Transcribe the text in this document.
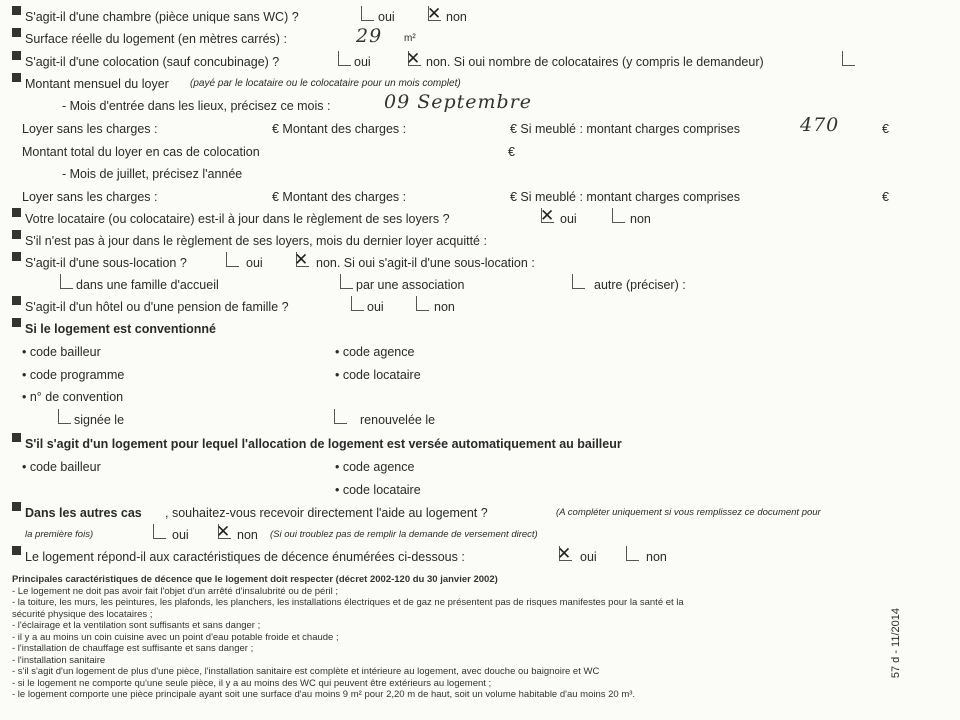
S'agit-il d'une chambre (pièce unique sans WC) ?	oui ✕ non
Surface réelle du logement (en mètres carrés) :	29 m²
S'agit-il d'une colocation (sauf concubinage) ?	oui ✕ non. Si oui nombre de colocataires (y compris le demandeur)
Montant mensuel du loyer (payé par le locataire ou le colocataire pour un mois complet)
- Mois d'entrée dans les lieux, précisez ce mois :	09 Septembre
Loyer sans les charges :	€ Montant des charges :	€ Si meublé : montant charges comprises	470	€
Montant total du loyer en cas de colocation	€
- Mois de juillet, précisez l'année
Loyer sans les charges :	€ Montant des charges :	€ Si meublé : montant charges comprises	€
Votre locataire (ou colocataire) est-il à jour dans le règlement de ses loyers ?	✕ oui	non
S'il n'est pas à jour dans le règlement de ses loyers, mois du dernier loyer acquitté :
S'agit-il d'une sous-location ?	oui ✕ non. Si oui s'agit-il d'une sous-location :
dans une famille d'accueil	par une association	autre (préciser) :
S'agit-il d'un hôtel ou d'une pension de famille ?	oui	non
Si le logement est conventionné
• code bailleur	• code agence
• code programme	• code locataire
• n° de convention
signée le	renouvelée le
S'il s'agit d'un logement pour lequel l'allocation de logement est versée automatiquement au bailleur
• code bailleur	• code agence
• code locataire
Dans les autres cas , souhaitez-vous recevoir directement l'aide au logement ?	(A compléter uniquement si vous remplissez ce document pour
la première fois)	oui ✕ non (Si oui troublez pas de remplir la demande de versement direct)
Le logement répond-il aux caractéristiques de décence énumérées ci-dessous :	✕ oui	non
Principales caractéristiques de décence que le logement doit respecter (décret 2002-120 du 30 janvier 2002)
- Le logement ne doit pas avoir fait l'objet d'un arrêté d'insalubrité ou de péril ;
- la toiture, les murs, les peintures, les plafonds, les planchers, les installations électriques et de gaz ne présentent pas de risques manifestes pour la santé et la
sécurité physique des locataires ;
- l'éclairage et la ventilation sont suffisants et sans danger ;
- il y a au moins un coin cuisine avec un point d'eau potable froide et chaude ;
- l'installation de chauffage est suffisante et sans danger ;
- l'installation sanitaire
- s'il s'agit d'un logement de plus d'une pièce, l'installation sanitaire est complète et intérieure au logement, avec douche ou baignoire et WC
- si le logement ne comporte qu'une seule pièce, il y a au moins des WC qui peuvent être extérieurs au logement ;
- le logement comporte une pièce principale ayant soit une surface d'au moins 9 m² pour 2,20 m de haut, soit un volume habitable d'au moins 20 m³.
57 d - 11/2014
